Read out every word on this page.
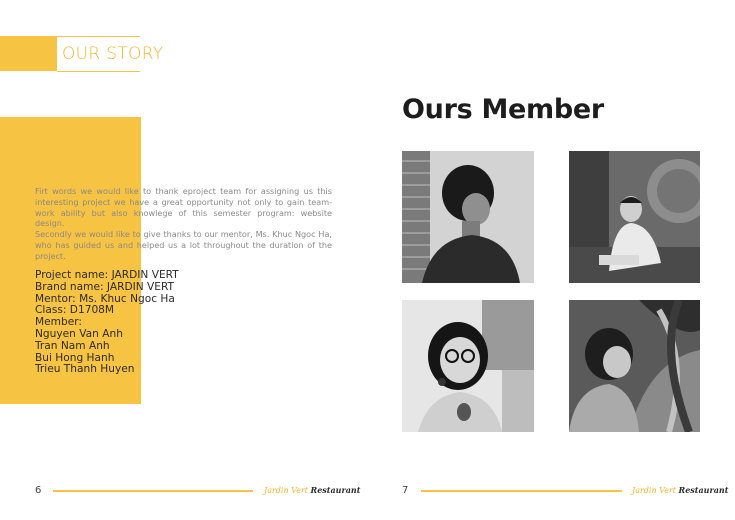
OUR STORY

Firt words we would like to thank eproject team for assigning us this interesting project we have a great opportunity not only to gain team-work ability but also knowlege of this semester program: website design.

Secondly we would like to give thanks to our mentor, Ms. Khuc Ngoc Ha, who has guided us and helped us a lot throughout the duration of the project.

Project name: JARDIN VERT
Brand name: JARDIN VERT
Mentor: Ms. Khuc Ngoc Ha
Class: D1708M
Member:
Nguyen Van Anh
Tran Nam Anh
Bui Hong Hanh
Trieu Thanh Huyen
Ours Member
6	Jardin Vert Restaurant	7	Jardin Vert Restaurant
